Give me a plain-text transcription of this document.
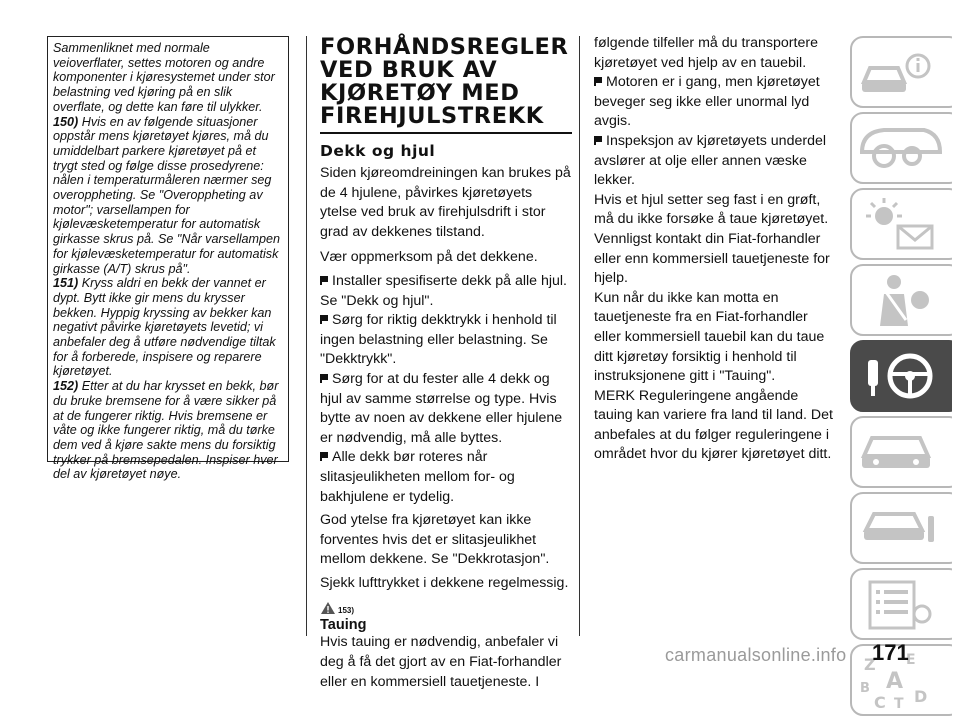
Sammenliknet med normale veioverflater, settes motoren og andre komponenter i kjøresystemet under stor belastning ved kjøring på en slik overflate, og dette kan føre til ulykker.

150) Hvis en av følgende situasjoner oppstår mens kjøretøyet kjøres, må du umiddelbart parkere kjøretøyet på et trygt sted og følge disse prosedyrene: nålen i temperaturmåleren nærmer seg overoppheting. Se "Overoppheting av motor"; varsellampen for kjølevæsketemperatur for automatisk girkasse skrus på. Se "Når varsellampen for kjølevæsketemperatur for automatisk girkasse (A/T) skrus på".

151) Kryss aldri en bekk der vannet er dypt. Bytt ikke gir mens du krysser bekken. Hyppig kryssing av bekker kan negativt påvirke kjøretøyets levetid; vi anbefaler deg å utføre nødvendige tiltak for å forberede, inspisere og reparere kjøretøyet.

152) Etter at du har krysset en bekk, bør du bruke bremsene for å være sikker på at de fungerer riktig. Hvis bremsene er våte og ikke fungerer riktig, må du tørke dem ved å kjøre sakte mens du forsiktig trykker på bremsepedalen. Inspiser hver del av kjøretøyet nøye.

FORHÅNDSREGLER VED BRUK AV KJØRETØY MED FIREHJULSTREKK
Dekk og hjul

Siden kjøreomdreiningen kan brukes på de 4 hjulene, påvirkes kjøretøyets ytelse ved bruk av firehjulsdrift i stor grad av dekkenes tilstand.

Vær oppmerksom på det dekkene.

Installer spesifiserte dekk på alle hjul. Se "Dekk og hjul".

Sørg for riktig dekktrykk i henhold til ingen belastning eller belastning. Se "Dekktrykk".

Sørg for at du fester alle 4 dekk og hjul av samme størrelse og type. Hvis bytte av noen av dekkene eller hjulene er nødvendig, må alle byttes.

Alle dekk bør roteres når slitasjeulikheten mellom for- og bakhjulene er tydelig.

God ytelse fra kjøretøyet kan ikke forventes hvis det er slitasjeulikhet mellom dekkene. Se "Dekkrotasjon".

Sjekk lufttrykket i dekkene regelmessig.

153)
Tauing

Hvis tauing er nødvendig, anbefaler vi deg å få det gjort av en Fiat-forhandler eller en kommersiell tauetjeneste. I

følgende tilfeller må du transportere kjøretøyet ved hjelp av en tauebil.

Motoren er i gang, men kjøretøyet beveger seg ikke eller unormal lyd avgis.

Inspeksjon av kjøretøyets underdel avslører at olje eller annen væske lekker.

Hvis et hjul setter seg fast i en grøft, må du ikke forsøke å taue kjøretøyet. Vennligst kontakt din Fiat-forhandler eller enn kommersiell tauetjeneste for hjelp.

Kun når du ikke kan motta en tauetjeneste fra en Fiat-forhandler eller kommersiell tauebil kan du taue ditt kjøretøy forsiktig i henhold til instruksjonene gitt i "Tauing".

MERK Reguleringene angående tauing kan variere fra land til land. Det anbefales at du følger reguleringene i området hvor du kjører kjøretøyet ditt.

Z E
B A
C T D
carmanualsonline.info 171
